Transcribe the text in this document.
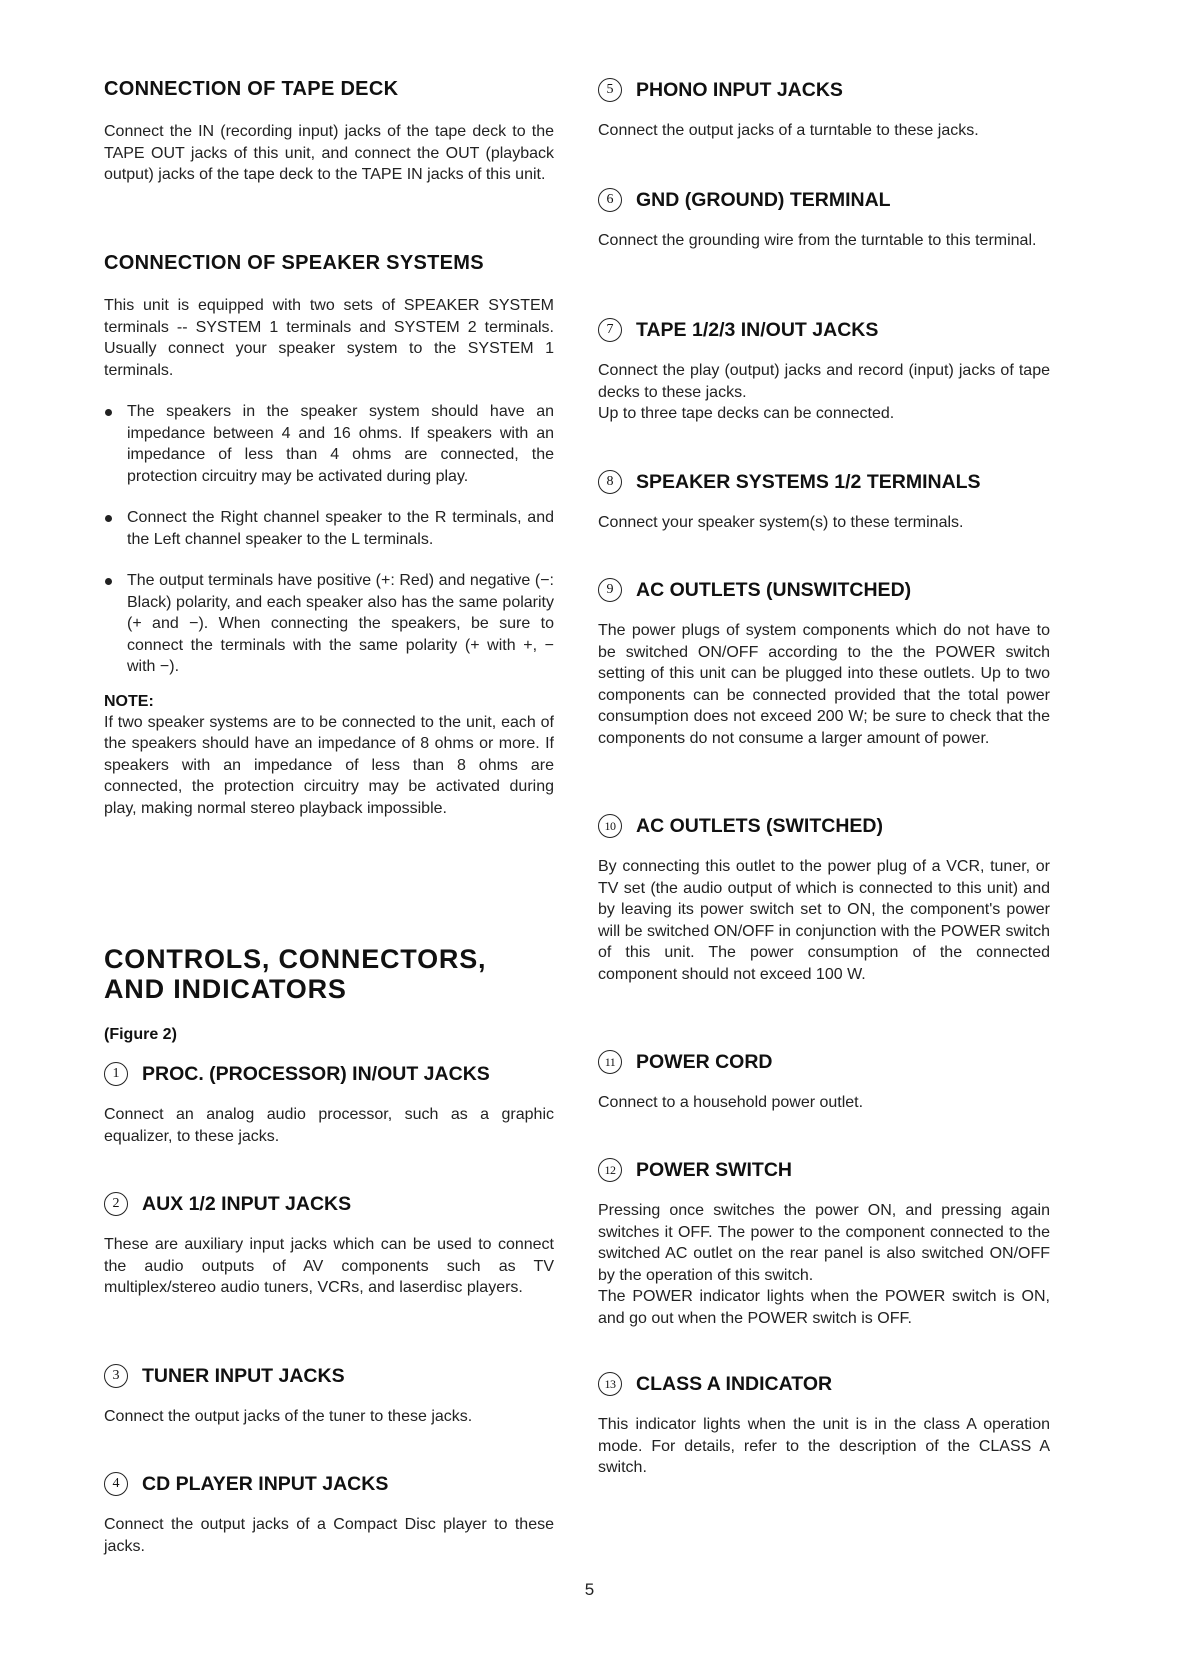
CONNECTION OF TAPE DECK

Connect the IN (recording input) jacks of the tape deck to the TAPE OUT jacks of this unit, and connect the OUT (playback output) jacks of the tape deck to the TAPE IN jacks of this unit.

CONNECTION OF SPEAKER SYSTEMS

This unit is equipped with two sets of SPEAKER SYSTEM terminals -- SYSTEM 1 terminals and SYSTEM 2 terminals. Usually connect your speaker system to the SYSTEM 1 terminals.

The speakers in the speaker system should have an impedance between 4 and 16 ohms. If speakers with an impedance of less than 4 ohms are connected, the protection circuitry may be activated during play.

Connect the Right channel speaker to the R terminals, and the Left channel speaker to the L terminals.

The output terminals have positive (+: Red) and negative (−: Black) polarity, and each speaker also has the same polarity (+ and −). When connecting the speakers, be sure to connect the terminals with the same polarity (+ with +, − with −).

NOTE:

If two speaker systems are to be connected to the unit, each of the speakers should have an impedance of 8 ohms or more. If speakers with an impedance of less than 8 ohms are connected, the protection circuitry may be activated during play, making normal stereo playback impossible.

CONTROLS, CONNECTORS,
AND INDICATORS
(Figure 2)
1	PROC. (PROCESSOR) IN/OUT JACKS

Connect an analog audio processor, such as a graphic equalizer, to these jacks.

2	AUX 1/2 INPUT JACKS

These are auxiliary input jacks which can be used to connect the audio outputs of AV components such as TV multiplex/stereo audio tuners, VCRs, and laserdisc players.

3	TUNER INPUT JACKS

Connect the output jacks of the tuner to these jacks.

4	CD PLAYER INPUT JACKS

Connect the output jacks of a Compact Disc player to these jacks.

5	PHONO INPUT JACKS

Connect the output jacks of a turntable to these jacks.

6	GND (GROUND) TERMINAL

Connect the grounding wire from the turntable to this terminal.

7	TAPE 1/2/3 IN/OUT JACKS

Connect the play (output) jacks and record (input) jacks of tape decks to these jacks.

Up to three tape decks can be connected.

8	SPEAKER SYSTEMS 1/2 TERMINALS

Connect your speaker system(s) to these terminals.

9	AC OUTLETS (UNSWITCHED)

The power plugs of system components which do not have to be switched ON/OFF according to the the POWER switch setting of this unit can be plugged into these outlets. Up to two components can be connected provided that the total power consumption does not exceed 200 W; be sure to check that the components do not consume a larger amount of power.

10	AC OUTLETS (SWITCHED)

By connecting this outlet to the power plug of a VCR, tuner, or TV set (the audio output of which is connected to this unit) and by leaving its power switch set to ON, the component's power will be switched ON/OFF in conjunction with the POWER switch of this unit. The power consumption of the connected component should not exceed 100 W.

11	POWER CORD

Connect to a household power outlet.

12	POWER SWITCH

Pressing once switches the power ON, and pressing again switches it OFF. The power to the component connected to the switched AC outlet on the rear panel is also switched ON/OFF by the operation of this switch.

The POWER indicator lights when the POWER switch is ON, and go out when the POWER switch is OFF.

13	CLASS A INDICATOR

This indicator lights when the unit is in the class A operation mode. For details, refer to the description of the CLASS A switch.

5
